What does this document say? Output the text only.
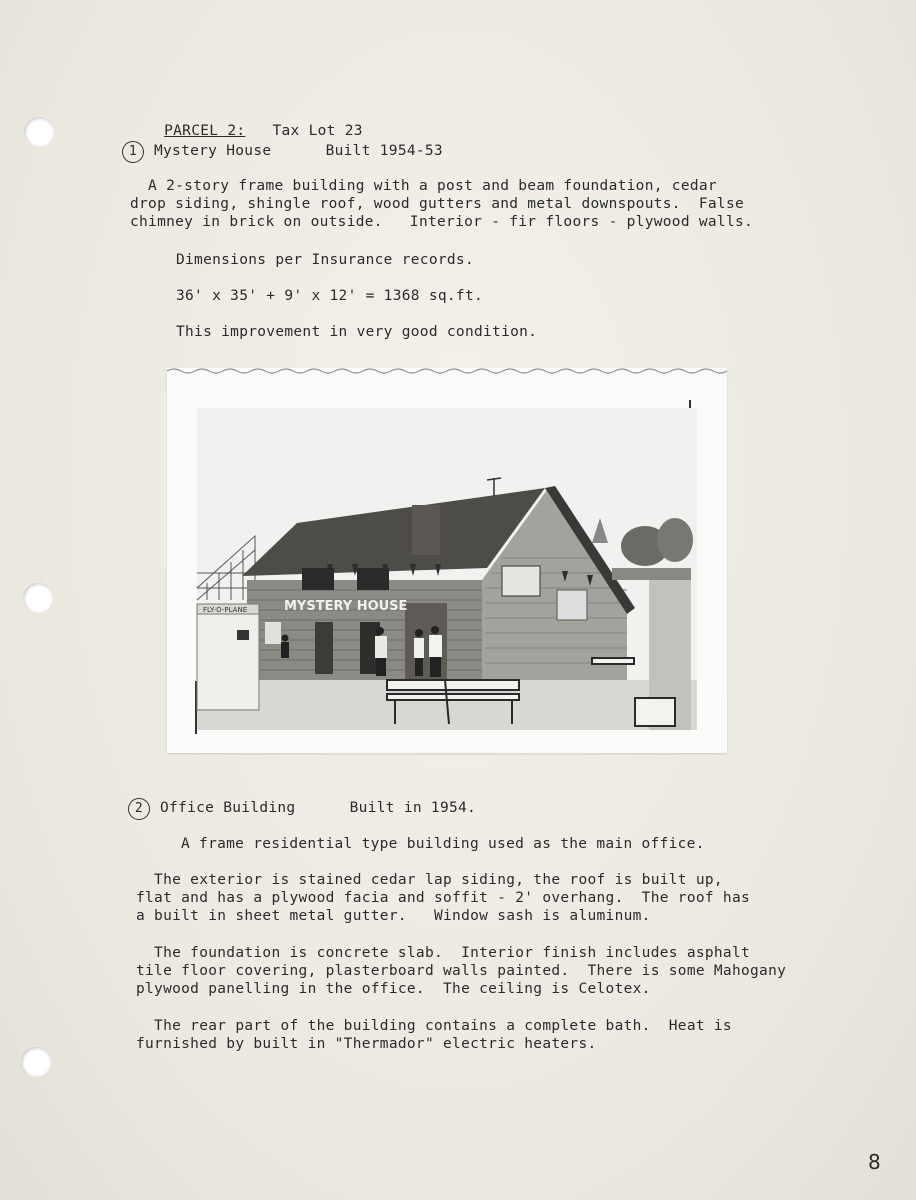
PARCEL 2: Tax Lot 23

1 Mystery House	Built 1954-53
A 2-story frame building with a post and beam foundation, cedar
drop siding, shingle roof, wood gutters and metal downspouts.  False
chimney in brick on outside.   Interior - fir floors - plywood walls.
Dimensions per Insurance records.
36' x 35' + 9' x 12' = 1368 sq.ft.
This improvement in very good condition.
MYSTERY HOUSE
FLY-O-PLANE
2 Office Building	Built in 1954.
A frame residential type building used as the main office.
The exterior is stained cedar lap siding, the roof is built up,
flat and has a plywood facia and soffit - 2' overhang.  The roof has
a built in sheet metal gutter.   Window sash is aluminum.
The foundation is concrete slab.  Interior finish includes asphalt
tile floor covering, plasterboard walls painted.  There is some Mahogany
plywood panelling in the office.  The ceiling is Celotex.
The rear part of the building contains a complete bath.  Heat is
furnished by built in "Thermador" electric heaters.
8
